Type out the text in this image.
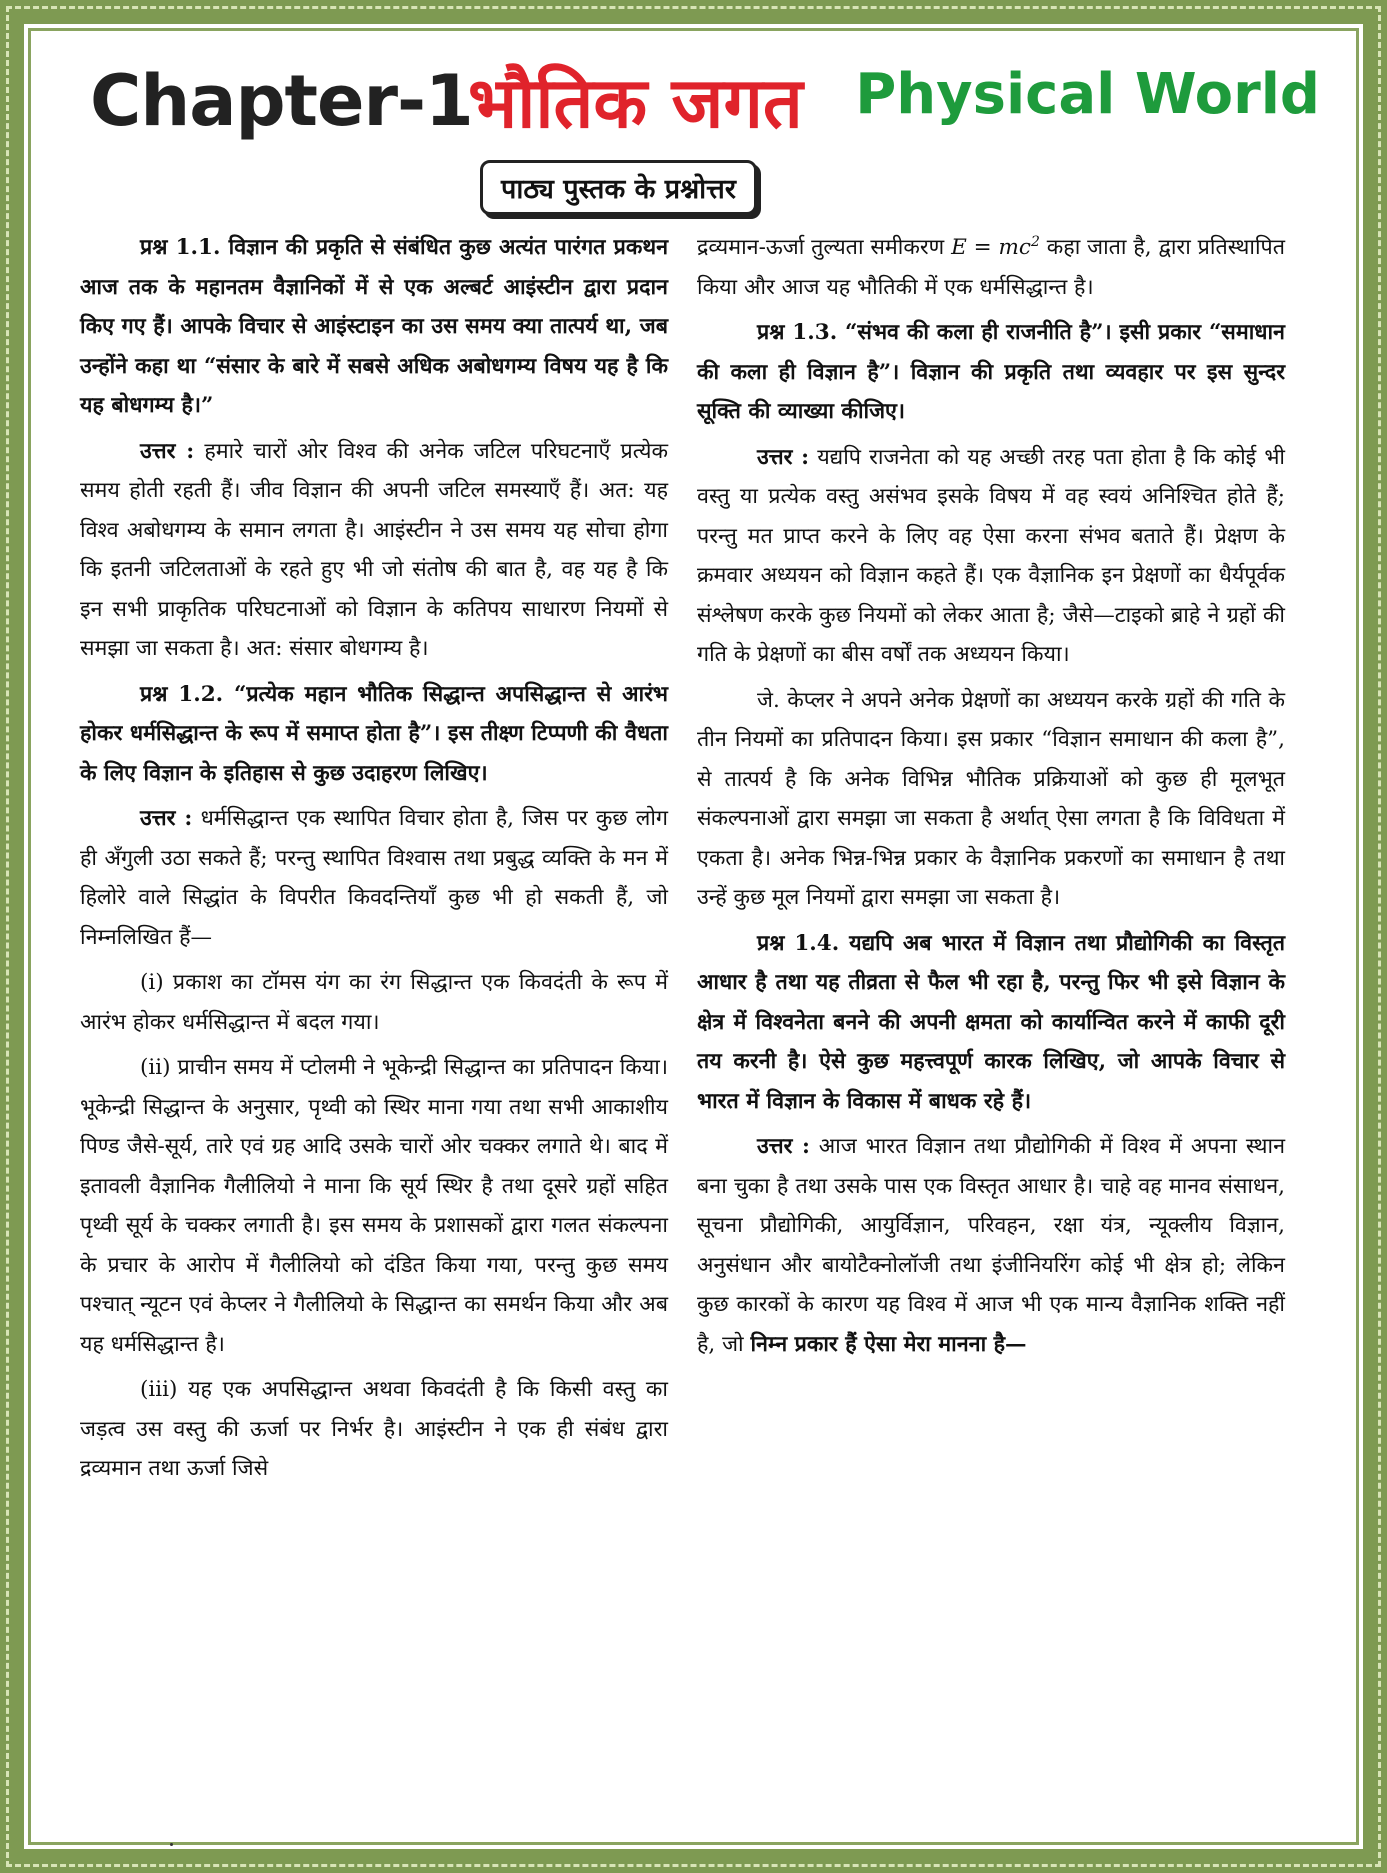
Chapter-1
भौतिक जगत Physical World
पाठ्य पुस्तक के प्रश्नोत्तर

प्रश्न 1.1. विज्ञान की प्रकृति से संबंधित कुछ अत्यंत पारंगत प्रकथन आज तक के महानतम वैज्ञानिकों में से एक अल्बर्ट आइंस्टीन द्वारा प्रदान किए गए हैं। आपके विचार से आइंस्टाइन का उस समय क्या तात्पर्य था, जब उन्होंने कहा था “संसार के बारे में सबसे अधिक अबोधगम्य विषय यह है कि यह बोधगम्य है।”

उत्तर : हमारे चारों ओर विश्व की अनेक जटिल परिघटनाएँ प्रत्येक समय होती रहती हैं। जीव विज्ञान की अपनी जटिल समस्याएँ हैं। अत: यह विश्व अबोधगम्य के समान लगता है। आइंस्टीन ने उस समय यह सोचा होगा कि इतनी जटिलताओं के रहते हुए भी जो संतोष की बात है, वह यह है कि इन सभी प्राकृतिक परिघटनाओं को विज्ञान के कतिपय साधारण नियमों से समझा जा सकता है। अत: संसार बोधगम्य है।

प्रश्न 1.2. “प्रत्येक महान भौतिक सिद्धान्त अपसिद्धान्त से आरंभ होकर धर्मसिद्धान्त के रूप में समाप्त होता है”। इस तीक्ष्ण टिप्पणी की वैधता के लिए विज्ञान के इतिहास से कुछ उदाहरण लिखिए।

उत्तर : धर्मसिद्धान्त एक स्थापित विचार होता है, जिस पर कुछ लोग ही अँगुली उठा सकते हैं; परन्तु स्थापित विश्वास तथा प्रबुद्ध व्यक्ति के मन में हिलोरे वाले सिद्धांत के विपरीत किवदन्तियाँ कुछ भी हो सकती हैं, जो निम्नलिखित हैं—

(i) प्रकाश का टॉमस यंग का रंग सिद्धान्त एक किवदंती के रूप में आरंभ होकर धर्मसिद्धान्त में बदल गया।

(ii) प्राचीन समय में प्टोलमी ने भूकेन्द्री सिद्धान्त का प्रतिपादन किया। भूकेन्द्री सिद्धान्त के अनुसार, पृथ्वी को स्थिर माना गया तथा सभी आकाशीय पिण्ड जैसे-सूर्य, तारे एवं ग्रह आदि उसके चारों ओर चक्कर लगाते थे। बाद में इतावली वैज्ञानिक गैलीलियो ने माना कि सूर्य स्थिर है तथा दूसरे ग्रहों सहित पृथ्वी सूर्य के चक्कर लगाती है। इस समय के प्रशासकों द्वारा गलत संकल्पना के प्रचार के आरोप में गैलीलियो को दंडित किया गया, परन्तु कुछ समय पश्चात् न्यूटन एवं केप्लर ने गैलीलियो के सिद्धान्त का समर्थन किया और अब यह धर्मसिद्धान्त है।

(iii) यह एक अपसिद्धान्त अथवा किवदंती है कि किसी वस्तु का जड़त्व उस वस्तु की ऊर्जा पर निर्भर है। आइंस्टीन ने एक ही संबंध द्वारा द्रव्यमान तथा ऊर्जा जिसे

द्रव्यमान-ऊर्जा तुल्यता समीकरण $E = mc^2$ कहा जाता है, द्वारा प्रतिस्थापित किया और आज यह भौतिकी में एक धर्मसिद्धान्त है।

प्रश्न 1.3. “संभव की कला ही राजनीति है”। इसी प्रकार “समाधान की कला ही विज्ञान है”। विज्ञान की प्रकृति तथा व्यवहार पर इस सुन्दर सूक्ति की व्याख्या कीजिए।

उत्तर : यद्यपि राजनेता को यह अच्छी तरह पता होता है कि कोई भी वस्तु या प्रत्येक वस्तु असंभव इसके विषय में वह स्वयं अनिश्चित होते हैं; परन्तु मत प्राप्त करने के लिए वह ऐसा करना संभव बताते हैं। प्रेक्षण के क्रमवार अध्ययन को विज्ञान कहते हैं। एक वैज्ञानिक इन प्रेक्षणों का धैर्यपूर्वक संश्लेषण करके कुछ नियमों को लेकर आता है; जैसे—टाइको ब्राहे ने ग्रहों की गति के प्रेक्षणों का बीस वर्षों तक अध्ययन किया।

जे. केप्लर ने अपने अनेक प्रेक्षणों का अध्ययन करके ग्रहों की गति के तीन नियमों का प्रतिपादन किया। इस प्रकार “विज्ञान समाधान की कला है”, से तात्पर्य है कि अनेक विभिन्न भौतिक प्रक्रियाओं को कुछ ही मूलभूत संकल्पनाओं द्वारा समझा जा सकता है अर्थात् ऐसा लगता है कि विविधता में एकता है। अनेक भिन्न-भिन्न प्रकार के वैज्ञानिक प्रकरणों का समाधान है तथा उन्हें कुछ मूल नियमों द्वारा समझा जा सकता है।

प्रश्न 1.4. यद्यपि अब भारत में विज्ञान तथा प्रौद्योगिकी का विस्तृत आधार है तथा यह तीव्रता से फैल भी रहा है, परन्तु फिर भी इसे विज्ञान के क्षेत्र में विश्वनेता बनने की अपनी क्षमता को कार्यान्वित करने में काफी दूरी तय करनी है। ऐसे कुछ महत्त्वपूर्ण कारक लिखिए, जो आपके विचार से भारत में विज्ञान के विकास में बाधक रहे हैं।

उत्तर : आज भारत विज्ञान तथा प्रौद्योगिकी में विश्व में अपना स्थान बना चुका है तथा उसके पास एक विस्तृत आधार है। चाहे वह मानव संसाधन, सूचना प्रौद्योगिकी, आयुर्विज्ञान, परिवहन, रक्षा यंत्र, न्यूक्लीय विज्ञान, अनुसंधान और बायोटैक्नोलॉजी तथा इंजीनियरिंग कोई भी क्षेत्र हो; लेकिन कुछ कारकों के कारण यह विश्व में आज भी एक मान्य वैज्ञानिक शक्ति नहीं है, जो निम्न प्रकार हैं ऐसा मेरा मानना है—
